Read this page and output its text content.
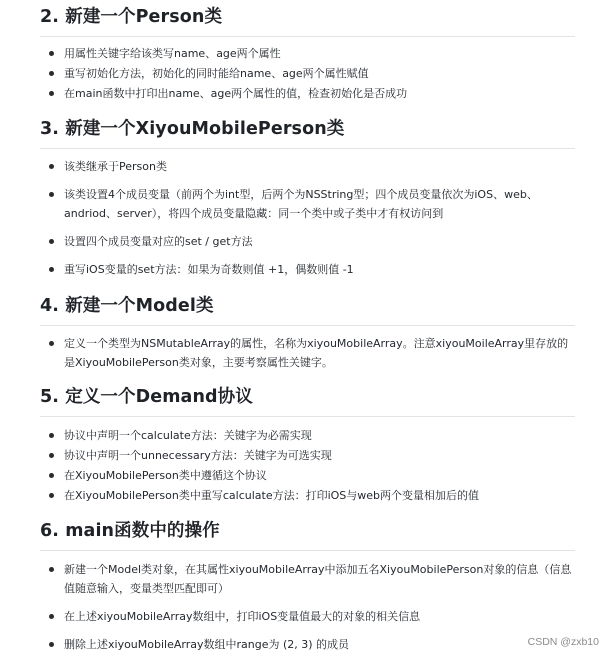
2. 新建一个Person类
用属性关键字给该类写name、age两个属性
重写初始化方法，初始化的同时能给name、age两个属性赋值
在main函数中打印出name、age两个属性的值，检查初始化是否成功
3. 新建一个XiyouMobilePerson类
该类继承于Person类
该类设置4个成员变量（前两个为int型，后两个为NSString型；四个成员变量依次为iOS、web、andriod、server），将四个成员变量隐藏：同一个类中或子类中才有权访问到
设置四个成员变量对应的set / get方法
重写iOS变量的set方法：如果为奇数则值 +1，偶数则值 -1
4. 新建一个Model类
定义一个类型为NSMutableArray的属性，名称为xiyouMobileArray。注意xiyouMoileArray里存放的是XiyouMobilePerson类对象，主要考察属性关键字。
5. 定义一个Demand协议
协议中声明一个calculate方法：关键字为必需实现
协议中声明一个unnecessary方法：关键字为可选实现
在XiyouMobilePerson类中遵循这个协议
在XiyouMobilePerson类中重写calculate方法：打印iOS与web两个变量相加后的值
6. main函数中的操作
新建一个Model类对象，在其属性xiyouMobileArray中添加五名XiyouMobilePerson对象的信息（信息值随意输入，变量类型匹配即可）
在上述xiyouMobileArray数组中，打印iOS变量值最大的对象的相关信息
删除上述xiyouMobileArray数组中range为 (2, 3) 的成员	CSDN @zxb10
